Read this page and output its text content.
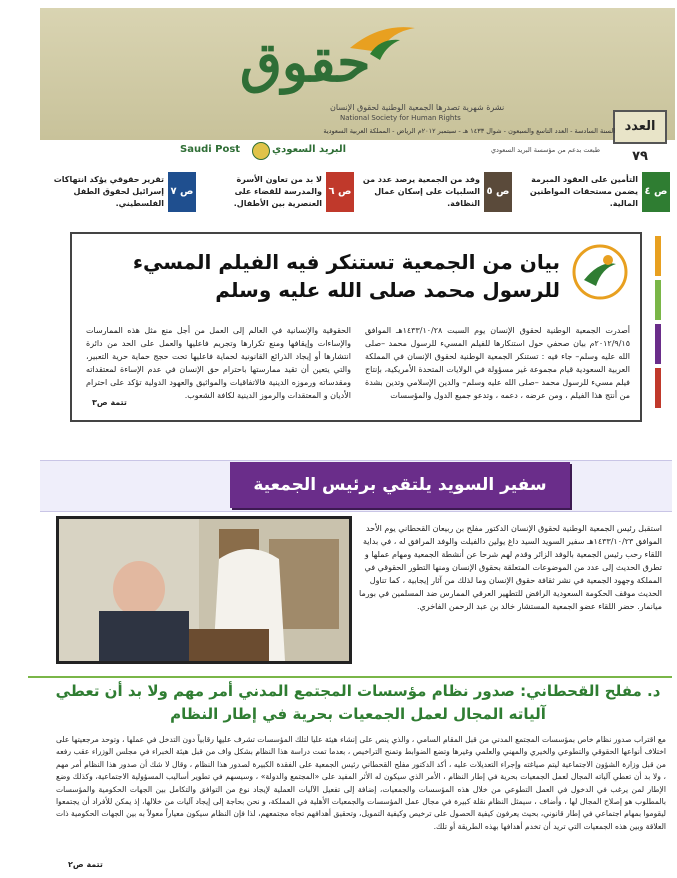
حقوق
نشرة شهرية تصدرها الجمعية الوطنية لحقوق الإنسان
National Society for Human Rights
العدد ٧٩
السنة السادسة - العدد التاسع والسبعون - شوال ١٤٣٣ هـ - سبتمبر ٢٠١٢م الرياض - المملكة العربية السعودية
Saudi Post	البريد السعودي	طبعت بدعم من مؤسسة البريد السعودي
ص ٤
التأمين على العقود المبرمة يضمن مستحقات المواطنين المالية.
ص ٥
وفد من الجمعية يرصد عدد من السلبيات على إسكان عمال النظافة.
ص ٦
لا بد من تعاون الأسرة والمدرسة للقضاء على العنصرية بين الأطفال.
ص ٧
تقرير حقوقي يؤكد انتهاكات إسرائيل لحقوق الطفل الفلسطيني.
بيان من الجمعية تستنكر فيه الفيلم المسيء للرسول محمد صلى الله عليه وسلم
أصدرت الجمعية الوطنية لحقوق الإنسان يوم السبت ١٤٣٣/١٠/٢٨هـ الموافق ٢٠١٢/٩/١٥م بيان صحفي حول استنكارها للفيلم المسيء للرسول محمد –صلى الله عليه وسلم– جاء فيه : تستنكر الجمعية الوطنية لحقوق الإنسان في المملكة العربية السعودية قيام مجموعة غير مسؤولة في الولايات المتحدة الأمريكية، بإنتاج فيلم مسيء للرسول محمد –صلى الله عليه وسلم– والدين الإسلامي وتدين بشدة من أنتج هذا الفيلم ، ومن عرضه ، دعمه ، وتدعو جميع الدول والمؤسسات
الحقوقية والإنسانية في العالم إلى العمل من أجل منع مثل هذه الممارسات والإساءات وإيقافها ومنع تكرارها وتجريم فاعليها والعمل على الحد من دائرة انتشارها أو إيجاد الذرائع القانونية لحماية فاعليها تحت حجج حماية حرية التعبير، والتي يتعين أن تقيد ممارستها باحترام حق الإنسان في عدم الإساءة لمعتقداته ومقدساته ورموزه الدينية فالاتفاقيات والمواثيق والعهود الدولية تؤكد على احترام الأديان و المعتقدات والرموز الدينية لكافة الشعوب.
تتمة ص٣
سفير السويد يلتقي برئيس الجمعية
استقبل رئيس الجمعية الوطنية لحقوق الإنسان الدكتور مفلح بن ربيعان القحطاني يوم الأحد الموافق ١٤٣٣/١٠/٢٣هـ سفير السويد السيد داغ يولين دالفيلت والوفد المرافق له ، في بداية اللقاء رحب رئيس الجمعية بالوفد الزائر وقدم لهم شرحا عن أنشطة الجمعية ومهام عملها و تطرق الحديث إلى عدد من الموضوعات المتعلقة بحقوق الإنسان ومنها التطور الحقوقي في المملكة وجهود الجمعية في نشر ثقافة حقوق الإنسان وما لذلك من آثار إيجابية ، كما تناول الحديث موقف الحكومة السعودية الرافض للتطهير العرقي الممارس ضد المسلمين في بورما ميانمار. حضر اللقاء عضو الجمعية المستشار خالد بن عبد الرحمن الفاخري.
د. مفلح القحطاني: صدور نظام مؤسسات المجتمع المدني أمر مهم ولا بد أن تعطي آلياته المجال لعمل الجمعيات بحرية في إطار النظام
مع اقتراب صدور نظام خاص بمؤسسات المجتمع المدني من قبل المقام السامي ، والذي ينص على إنشاء هيئة عليا لتلك المؤسسات تشرف عليها رقابياً دون التدخل في عملها ، وتوحد مرجعيتها على اختلاف أنواعها الحقوقي والتطوعي والخيري والمهني والعلمي وغيرها وتضع الضوابط وتمنح التراخيص ، بعدما تمت دراسة هذا النظام بشكل واف من قبل هيئة الخبراء في مجلس الوزراء عقب رفعه من قبل وزارة الشؤون الاجتماعية ليتم صياغته وإجراء التعديلات عليه ، أكد الدكتور مفلح القحطاني رئيس الجمعية على الفقدة الكبيرة لصدور هذا النظام ، وقال لا شك أن صدور هذا النظام أمر مهم ، ولا بد أن تعطي آلياته المجال لعمل الجمعيات بحرية في إطار النظام ، الأمر الذي سيكون له الأثر المفيد على «المجتمع والدولة» ، وسيسهم في تطوير أساليب المسؤولية الاجتماعية، وكذلك وضع الإطار لمن يرغب في الدخول في العمل التطوعي من خلال هذه المؤسسات والجمعيات، إضافة إلى تفعيل الآليات العملية لإيجاد نوع من التوافق والتكامل بين الجهات الحكومية والمؤسسات بالمطلوب هو إصلاح المجال لها ، وأضاف ، سيمثل النظام نقلة كبيرة في مجال عمل المؤسسات والجمعيات الأهلية في المملكة، و نحن بحاجة إلى إيجاد آليات من خلالها، إذ يمكن للأفراد أن يجتمعوا ليقوموا بمهام اجتماعي في إطار قانوني، بحيث يعرفون كيفية الحصول على ترخيص وكيفية التمويل، وتحقيق أهدافهم تجاه مجتمعهم، لذا فإن النظام سيكون معياراً معولاً به بين الجهات الحكومية ذات العلاقة وبين هذه الجمعيات التي تريد أن تخدم أهدافها بهذه الطريقة أو تلك.
تتمة ص٢
